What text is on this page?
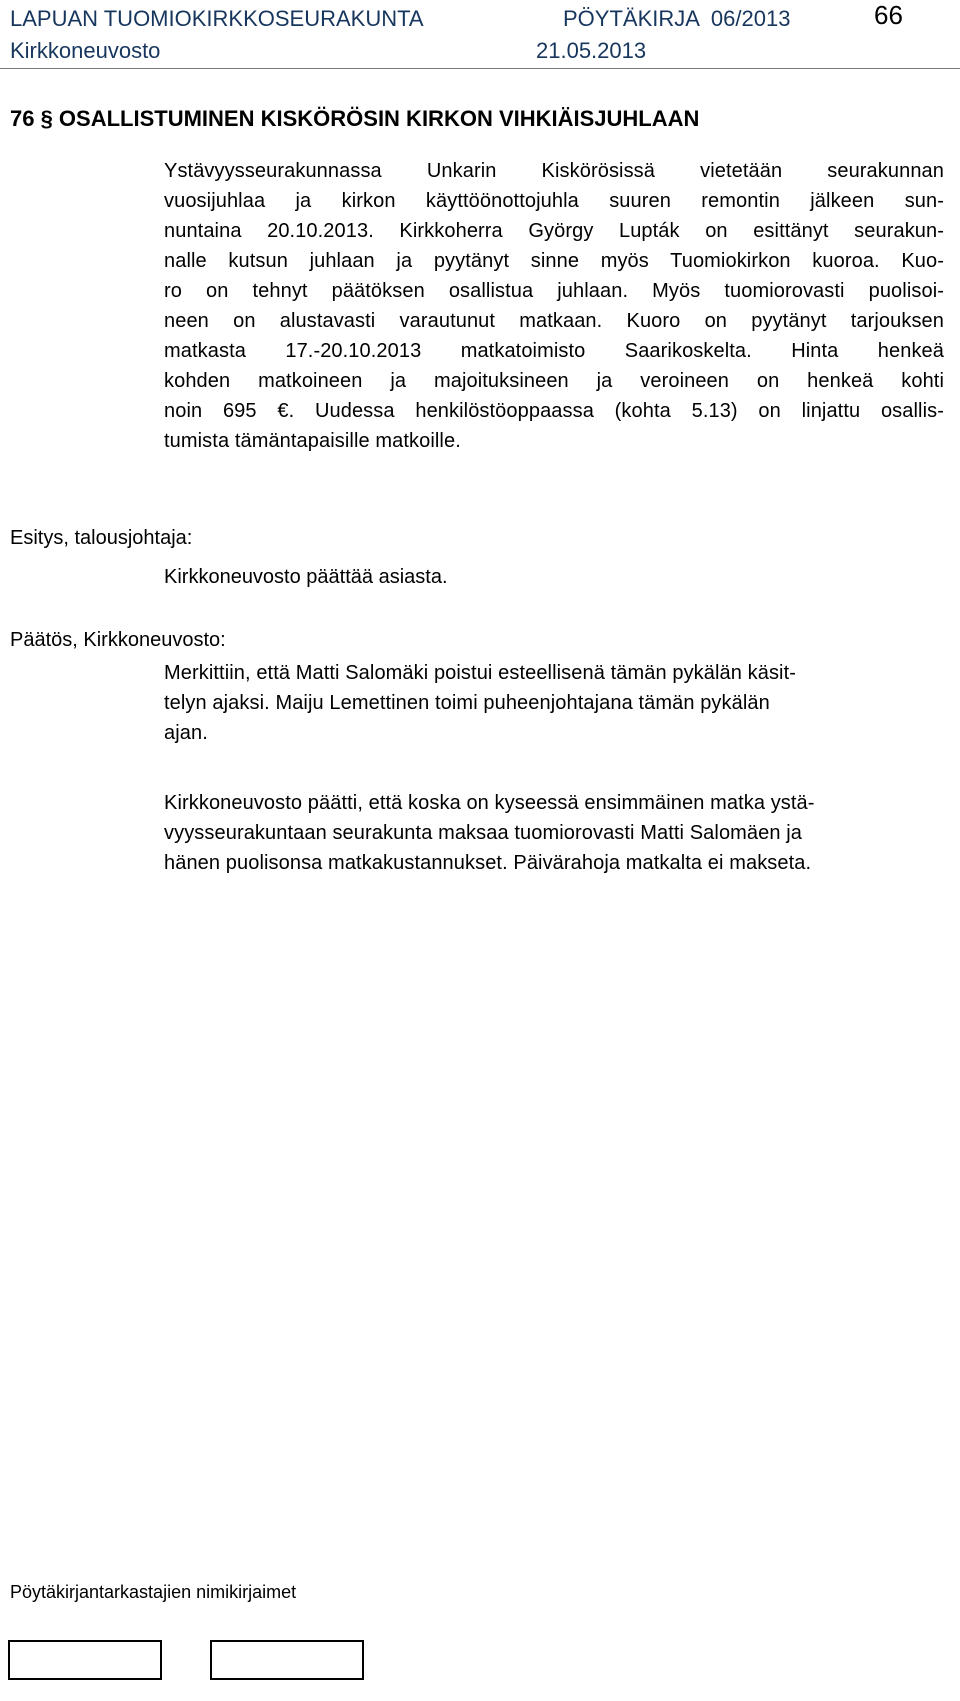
LAPUAN TUOMIOKIRKKOSEURAKUNTA	PÖYTÄKIRJA  06/2013	66
Kirkkoneuvosto	21.05.2013
76 § OSALLISTUMINEN KISKÖRÖSIN KIRKON VIHKIÄISJUHLAAN
Ystävyysseurakunnassa Unkarin Kiskörösissä vietetään seurakunnan
vuosijuhlaa ja kirkon käyttöönottojuhla suuren remontin jälkeen sun-
nuntaina 20.10.2013. Kirkkoherra György Lupták on esittänyt seurakun-
nalle kutsun juhlaan ja pyytänyt sinne myös Tuomiokirkon kuoroa. Kuo-
ro on tehnyt päätöksen osallistua juhlaan. Myös tuomiorovasti puolisoi-
neen on alustavasti varautunut matkaan. Kuoro on pyytänyt tarjouksen
matkasta 17.-20.10.2013 matkatoimisto Saarikoskelta. Hinta henkeä
kohden matkoineen ja majoituksineen ja veroineen on henkeä kohti
noin 695 €. Uudessa henkilöstöoppaassa (kohta 5.13) on linjattu osallis-
tumista tämäntapaisille matkoille.
Esitys, talousjohtaja:
Kirkkoneuvosto päättää asiasta.
Päätös, Kirkkoneuvosto:
Merkittiin, että Matti Salomäki poistui esteellisenä tämän pykälän käsit-
telyn ajaksi. Maiju Lemettinen toimi puheenjohtajana tämän pykälän
ajan.
Kirkkoneuvosto päätti, että koska on kyseessä ensimmäinen matka ystä-
vyysseurakuntaan seurakunta maksaa tuomiorovasti Matti Salomäen ja
hänen puolisonsa matkakustannukset. Päivärahoja matkalta ei makseta.
Pöytäkirjantarkastajien nimikirjaimet
